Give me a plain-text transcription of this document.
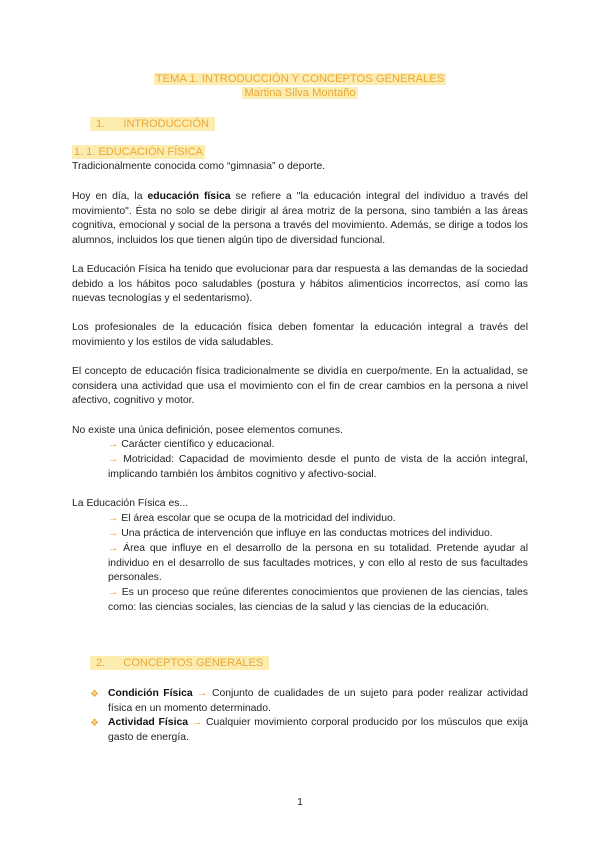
TEMA 1. INTRODUCCIÓN Y CONCEPTOS GENERALES
Martina Silva Montaño
1. INTRODUCCIÓN
1. 1. EDUCACIÓN FÍSICA
Tradicionalmente conocida como “gimnasia” o deporte.
Hoy en día, la educación física se refiere a "la educación integral del individuo a través del movimiento". Ésta no solo se debe dirigir al área motriz de la persona, sino también a las áreas cognitiva, emocional y social de la persona a través del movimiento. Además, se dirige a todos los alumnos, incluidos los que tienen algún tipo de diversidad funcional.
La Educación Física ha tenido que evolucionar para dar respuesta a las demandas de la sociedad debido a los hábitos poco saludables (postura y hábitos alimenticios incorrectos, así como las nuevas tecnologías y el sedentarismo).
Los profesionales de la educación física deben fomentar la educación integral a través del movimiento y los estilos de vida saludables.
El concepto de educación física tradicionalmente se dividía en cuerpo/mente. En la actualidad, se considera una actividad que usa el movimiento con el fin de crear cambios en la persona a nivel afectivo, cognitivo y motor.
No existe una única definición, posee elementos comunes.
→ Carácter científico y educacional.
→ Motricidad: Capacidad de movimiento desde el punto de vista de la acción integral, implicando también los ámbitos cognitivo y afectivo-social.
La Educación Física es...
→ El área escolar que se ocupa de la motricidad del individuo.
→ Una práctica de intervención que influye en las conductas motrices del individuo.
→ Área que influye en el desarrollo de la persona en su totalidad. Pretende ayudar al individuo en el desarrollo de sus facultades motrices, y con ello al resto de sus facultades personales.
→ Es un proceso que reúne diferentes conocimientos que provienen de las ciencias, tales como: las ciencias sociales, las ciencias de la salud y las ciencias de la educación.
2. CONCEPTOS GENERALES
❖ Condición Física → Conjunto de cualidades de un sujeto para poder realizar actividad física en un momento determinado.
❖ Actividad Física → Cualquier movimiento corporal producido por los músculos que exija gasto de energía.
1
